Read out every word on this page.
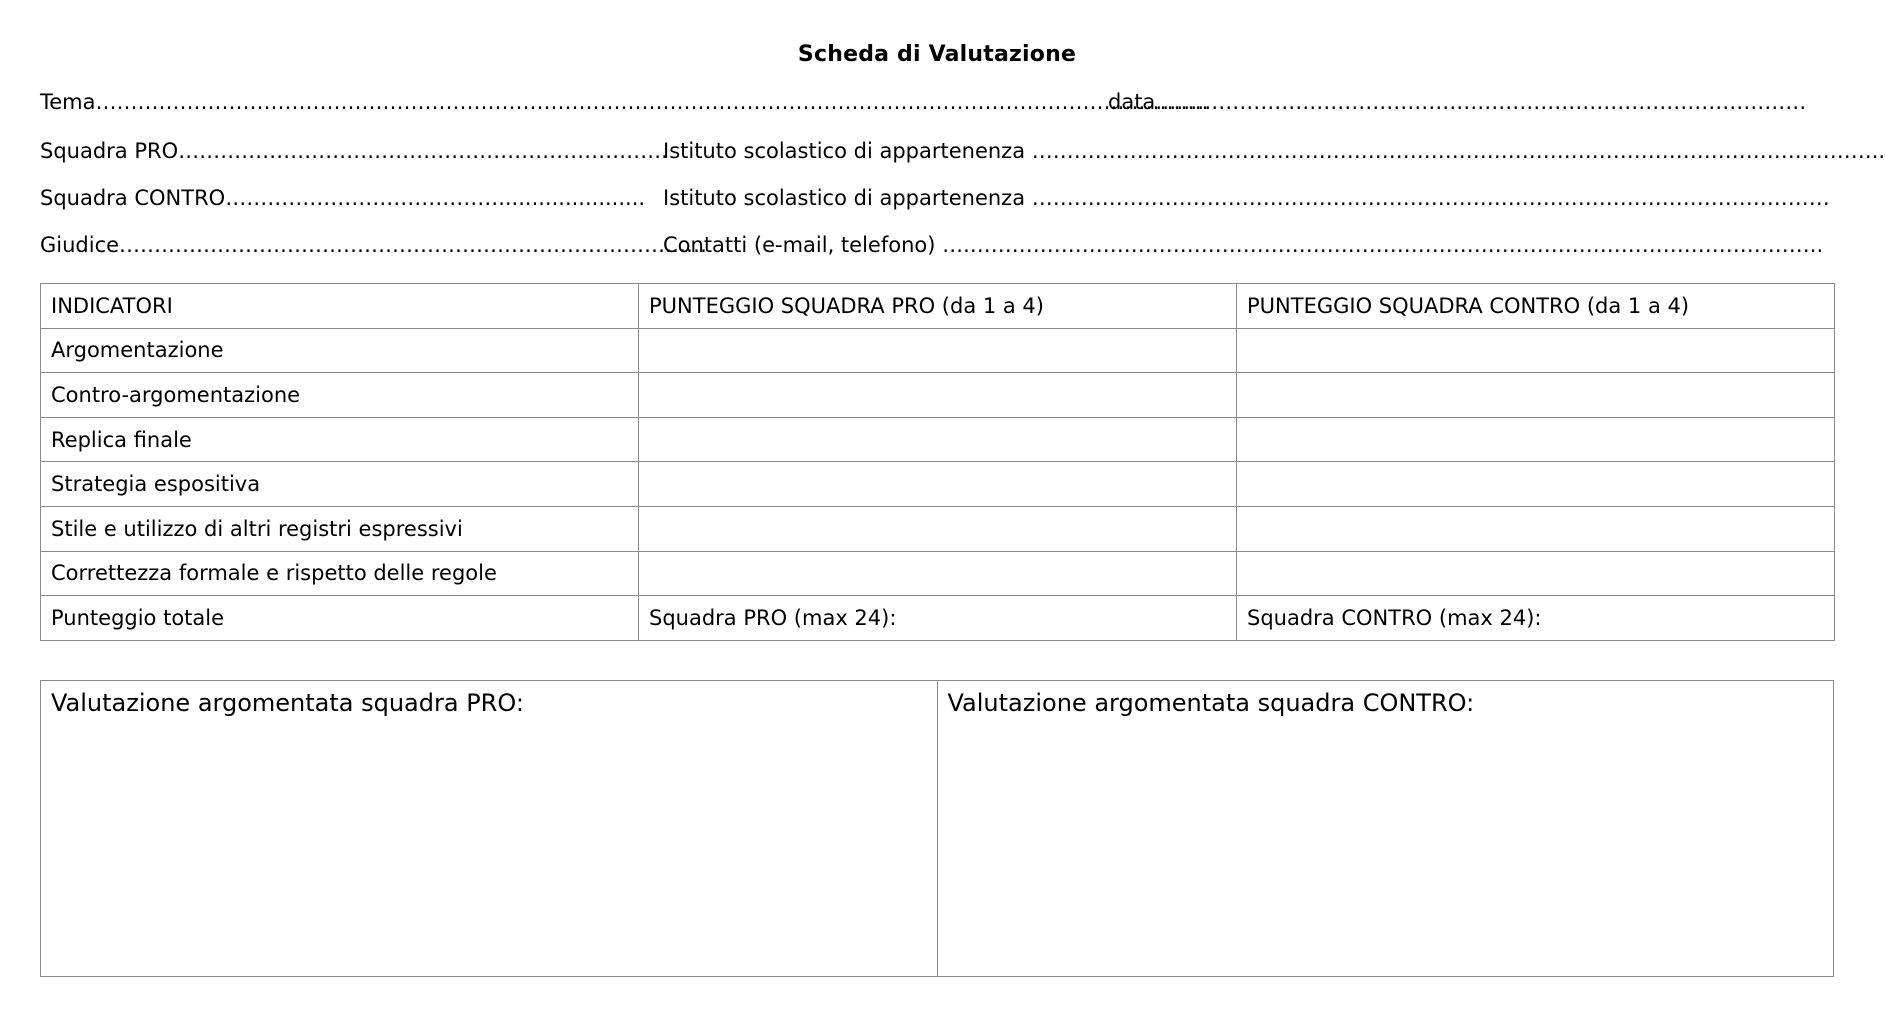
Scheda di Valutazione
Tema……………………………………………………………………………………………………………………………………………
data…………………………………………………………………………………
Squadra PRO…………………………………………………………….
Istituto scolastico di appartenenza …………………………………………………………………………………………………………..
Squadra CONTRO…………………………………...................... Istituto scolastico di appartenenza ……………………………………………………………………………………………………
Giudice…………………………………………………………………………
Contatti (e-mail, telefono) ….…………………………………………………………………………………………………………..
INDICATORI	PUNTEGGIO SQUADRA PRO (da 1 a 4)	PUNTEGGIO SQUADRA CONTRO (da 1 a 4)
Argomentazione		
Contro-argomentazione		
Replica finale		
Strategia espositiva		
Stile e utilizzo di altri registri espressivi		
Correttezza formale e rispetto delle regole		
Punteggio totale	Squadra PRO (max 24):	Squadra CONTRO (max 24):
Valutazione argomentata squadra PRO:	Valutazione argomentata squadra CONTRO:
